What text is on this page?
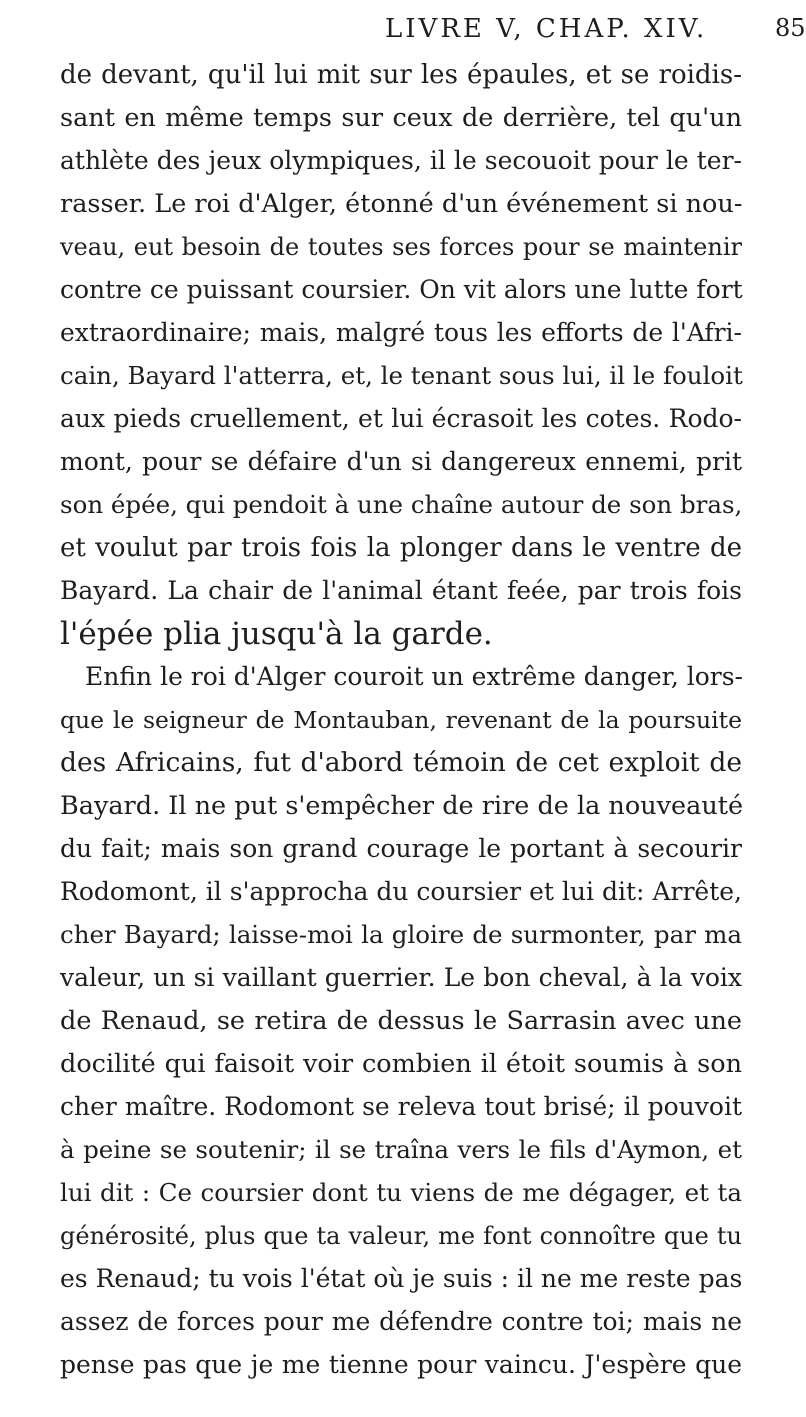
LIVRE V, CHAP. XIV.	85
de devant, qu'il lui mit sur les épaules, et se roidis-
sant en même temps sur ceux de derrière, tel qu'un
athlète des jeux olympiques, il le secouoit pour le ter-
rasser. Le roi d'Alger, étonné d'un événement si nou-
veau, eut besoin de toutes ses forces pour se maintenir
contre ce puissant coursier. On vit alors une lutte fort
extraordinaire; mais, malgré tous les efforts de l'Afri-
cain, Bayard l'atterra, et, le tenant sous lui, il le fouloit
aux pieds cruellement, et lui écrasoit les cotes. Rodo-
mont, pour se défaire d'un si dangereux ennemi, prit
son épée, qui pendoit à une chaîne autour de son bras,
et voulut par trois fois la plonger dans le ventre de
Bayard. La chair de l'animal étant feée, par trois fois
l'épée plia jusqu'à la garde.
Enfin le roi d'Alger couroit un extrême danger, lors-
que le seigneur de Montauban, revenant de la poursuite
des Africains, fut d'abord témoin de cet exploit de
Bayard. Il ne put s'empêcher de rire de la nouveauté
du fait; mais son grand courage le portant à secourir
Rodomont, il s'approcha du coursier et lui dit: Arrête,
cher Bayard; laisse-moi la gloire de surmonter, par ma
valeur, un si vaillant guerrier. Le bon cheval, à la voix
de Renaud, se retira de dessus le Sarrasin avec une
docilité qui faisoit voir combien il étoit soumis à son
cher maître. Rodomont se releva tout brisé; il pouvoit
à peine se soutenir; il se traîna vers le fils d'Aymon, et
lui dit : Ce coursier dont tu viens de me dégager, et ta
générosité, plus que ta valeur, me font connoître que tu
es Renaud; tu vois l'état où je suis : il ne me reste pas
assez de forces pour me défendre contre toi; mais ne
pense pas que je me tienne pour vaincu. J'espère que
